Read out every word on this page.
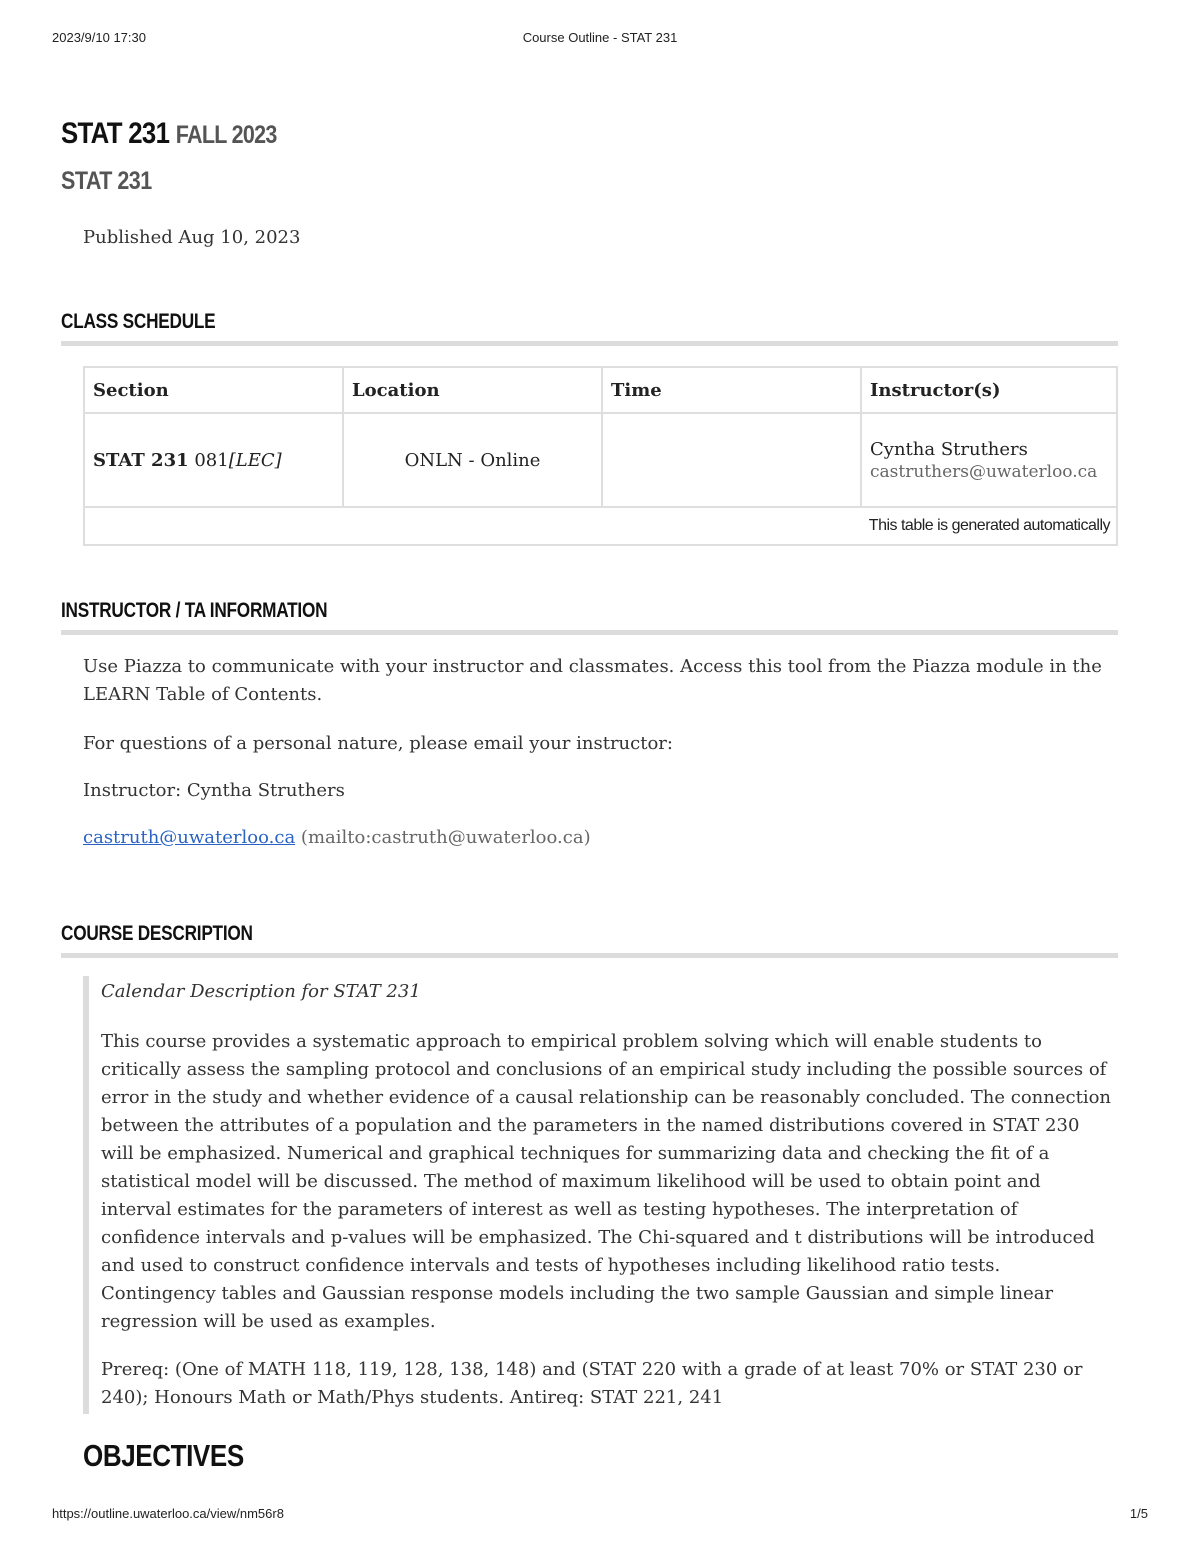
2023/9/10 17:30	Course Outline - STAT 231
STAT 231 FALL 2023
STAT 231
Published Aug 10, 2023
CLASS SCHEDULE
Section	Location	Time	Instructor(s)
STAT 231 081[LEC]	ONLN - Online		Cyntha Struthers
castruthers@uwaterloo.ca

This table is generated automatically			
INSTRUCTOR / TA INFORMATION

Use Piazza to communicate with your instructor and classmates. Access this tool from the Piazza module in the LEARN Table of Contents.

For questions of a personal nature, please email your instructor:

Instructor: Cyntha Struthers

castruth@uwaterloo.ca (mailto:castruth@uwaterloo.ca)

COURSE DESCRIPTION

Calendar Description for STAT 231

This course provides a systematic approach to empirical problem solving which will enable students to critically assess the sampling protocol and conclusions of an empirical study including the possible sources of error in the study and whether evidence of a causal relationship can be reasonably concluded. The connection between the attributes of a population and the parameters in the named distributions covered in STAT 230 will be emphasized. Numerical and graphical techniques for summarizing data and checking the fit of a statistical model will be discussed. The method of maximum likelihood will be used to obtain point and interval estimates for the parameters of interest as well as testing hypotheses. The interpretation of confidence intervals and p-values will be emphasized. The Chi-squared and t distributions will be introduced and used to construct confidence intervals and tests of hypotheses including likelihood ratio tests. Contingency tables and Gaussian response models including the two sample Gaussian and simple linear regression will be used as examples.

Prereq: (One of MATH 118, 119, 128, 138, 148) and (STAT 220 with a grade of at least 70% or STAT 230 or 240); Honours Math or Math/Phys students. Antireq: STAT 221, 241

OBJECTIVES
https://outline.uwaterloo.ca/view/nm56r8	1/5
